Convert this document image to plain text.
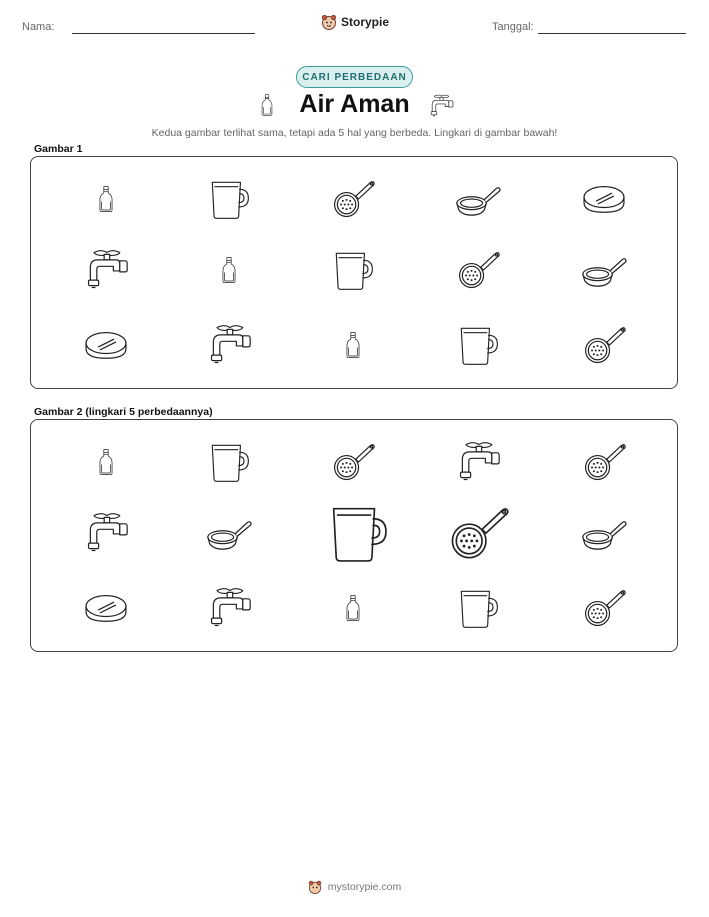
Nama:	Storypie	Tanggal:
CARI PERBEDAAN
Air Aman
Kedua gambar terlihat sama, tetapi ada 5 hal yang berbeda. Lingkari di gambar bawah!
Gambar 1
Gambar 2 (lingkari 5 perbedaannya)
mystorypie.com
